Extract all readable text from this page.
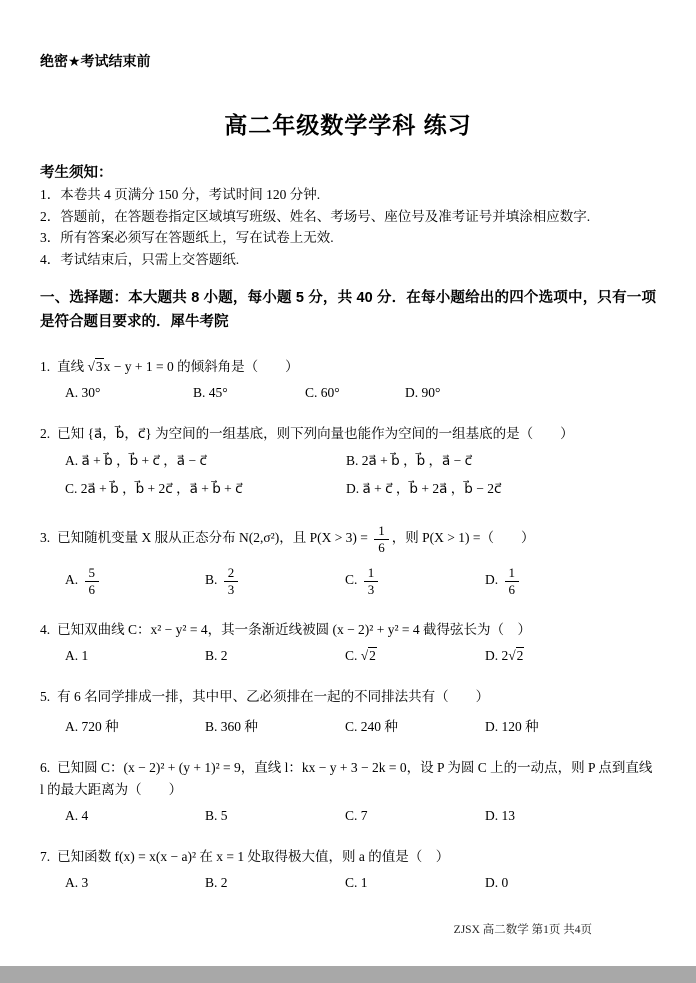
绝密★考试结束前
高二年级数学学科 练习
考生须知：
1．本卷共 4 页满分 150 分，考试时间 120 分钟.
2．答题前，在答题卷指定区域填写班级、姓名、考场号、座位号及准考证号并填涂相应数字.
3．所有答案必须写在答题纸上，写在试卷上无效.
4．考试结束后，只需上交答题纸.
一、选择题：本大题共 8 小题，每小题 5 分，共 40 分．在每小题给出的四个选项中，只有一项是符合题目要求的．犀牛考院
1. 直线 √3x − y + 1 = 0 的倾斜角是（　　）
A. 30°	B. 45°	C. 60°	D. 90°
2. 已知 {a⃗，b⃗，c⃗} 为空间的一组基底，则下列向量也能作为空间的一组基底的是（　　）
A. a⃗ + b⃗ ，b⃗ + c⃗ ，a⃗ − c⃗	B. 2a⃗ + b⃗ ，b⃗ ，a⃗ − c⃗
C. 2a⃗ + b⃗ ，b⃗ + 2c⃗ ，a⃗ + b⃗ + c⃗	D. a⃗ + c⃗ ，b⃗ + 2a⃗ ，b⃗ − 2c⃗
3. 已知随机变量 X 服从正态分布 N(2,σ²)，且 $P(X > 3) = \frac{1}{6}$ ，则 P(X > 1) =（　　）
A. $\frac{5}{6}$	B. $\frac{2}{3}$	C. $\frac{1}{3}$	D. $\frac{1}{6}$
4. 已知双曲线 C：x² − y² = 4，其一条渐近线被圆 (x − 2)² + y² = 4 截得弦长为（　）
A. 1	B. 2	C. √2	D. 2√2
5. 有 6 名同学排成一排，其中甲、乙必须排在一起的不同排法共有（　　）
A. 720 种	B. 360 种	C. 240 种	D. 120 种
6. 已知圆 C：(x − 2)² + (y + 1)² = 9，直线 l：kx − y + 3 − 2k = 0，设 P 为圆 C 上的一动点，则 P 点到直线 l 的最大距离为（　　）
A. 4	B. 5	C. 7	D. 13
7. 已知函数 f(x) = x(x − a)² 在 x = 1 处取得极大值，则 a 的值是（　）
A. 3	B. 2	C. 1	D. 0
ZJSX 高二数学 第1页 共4页
